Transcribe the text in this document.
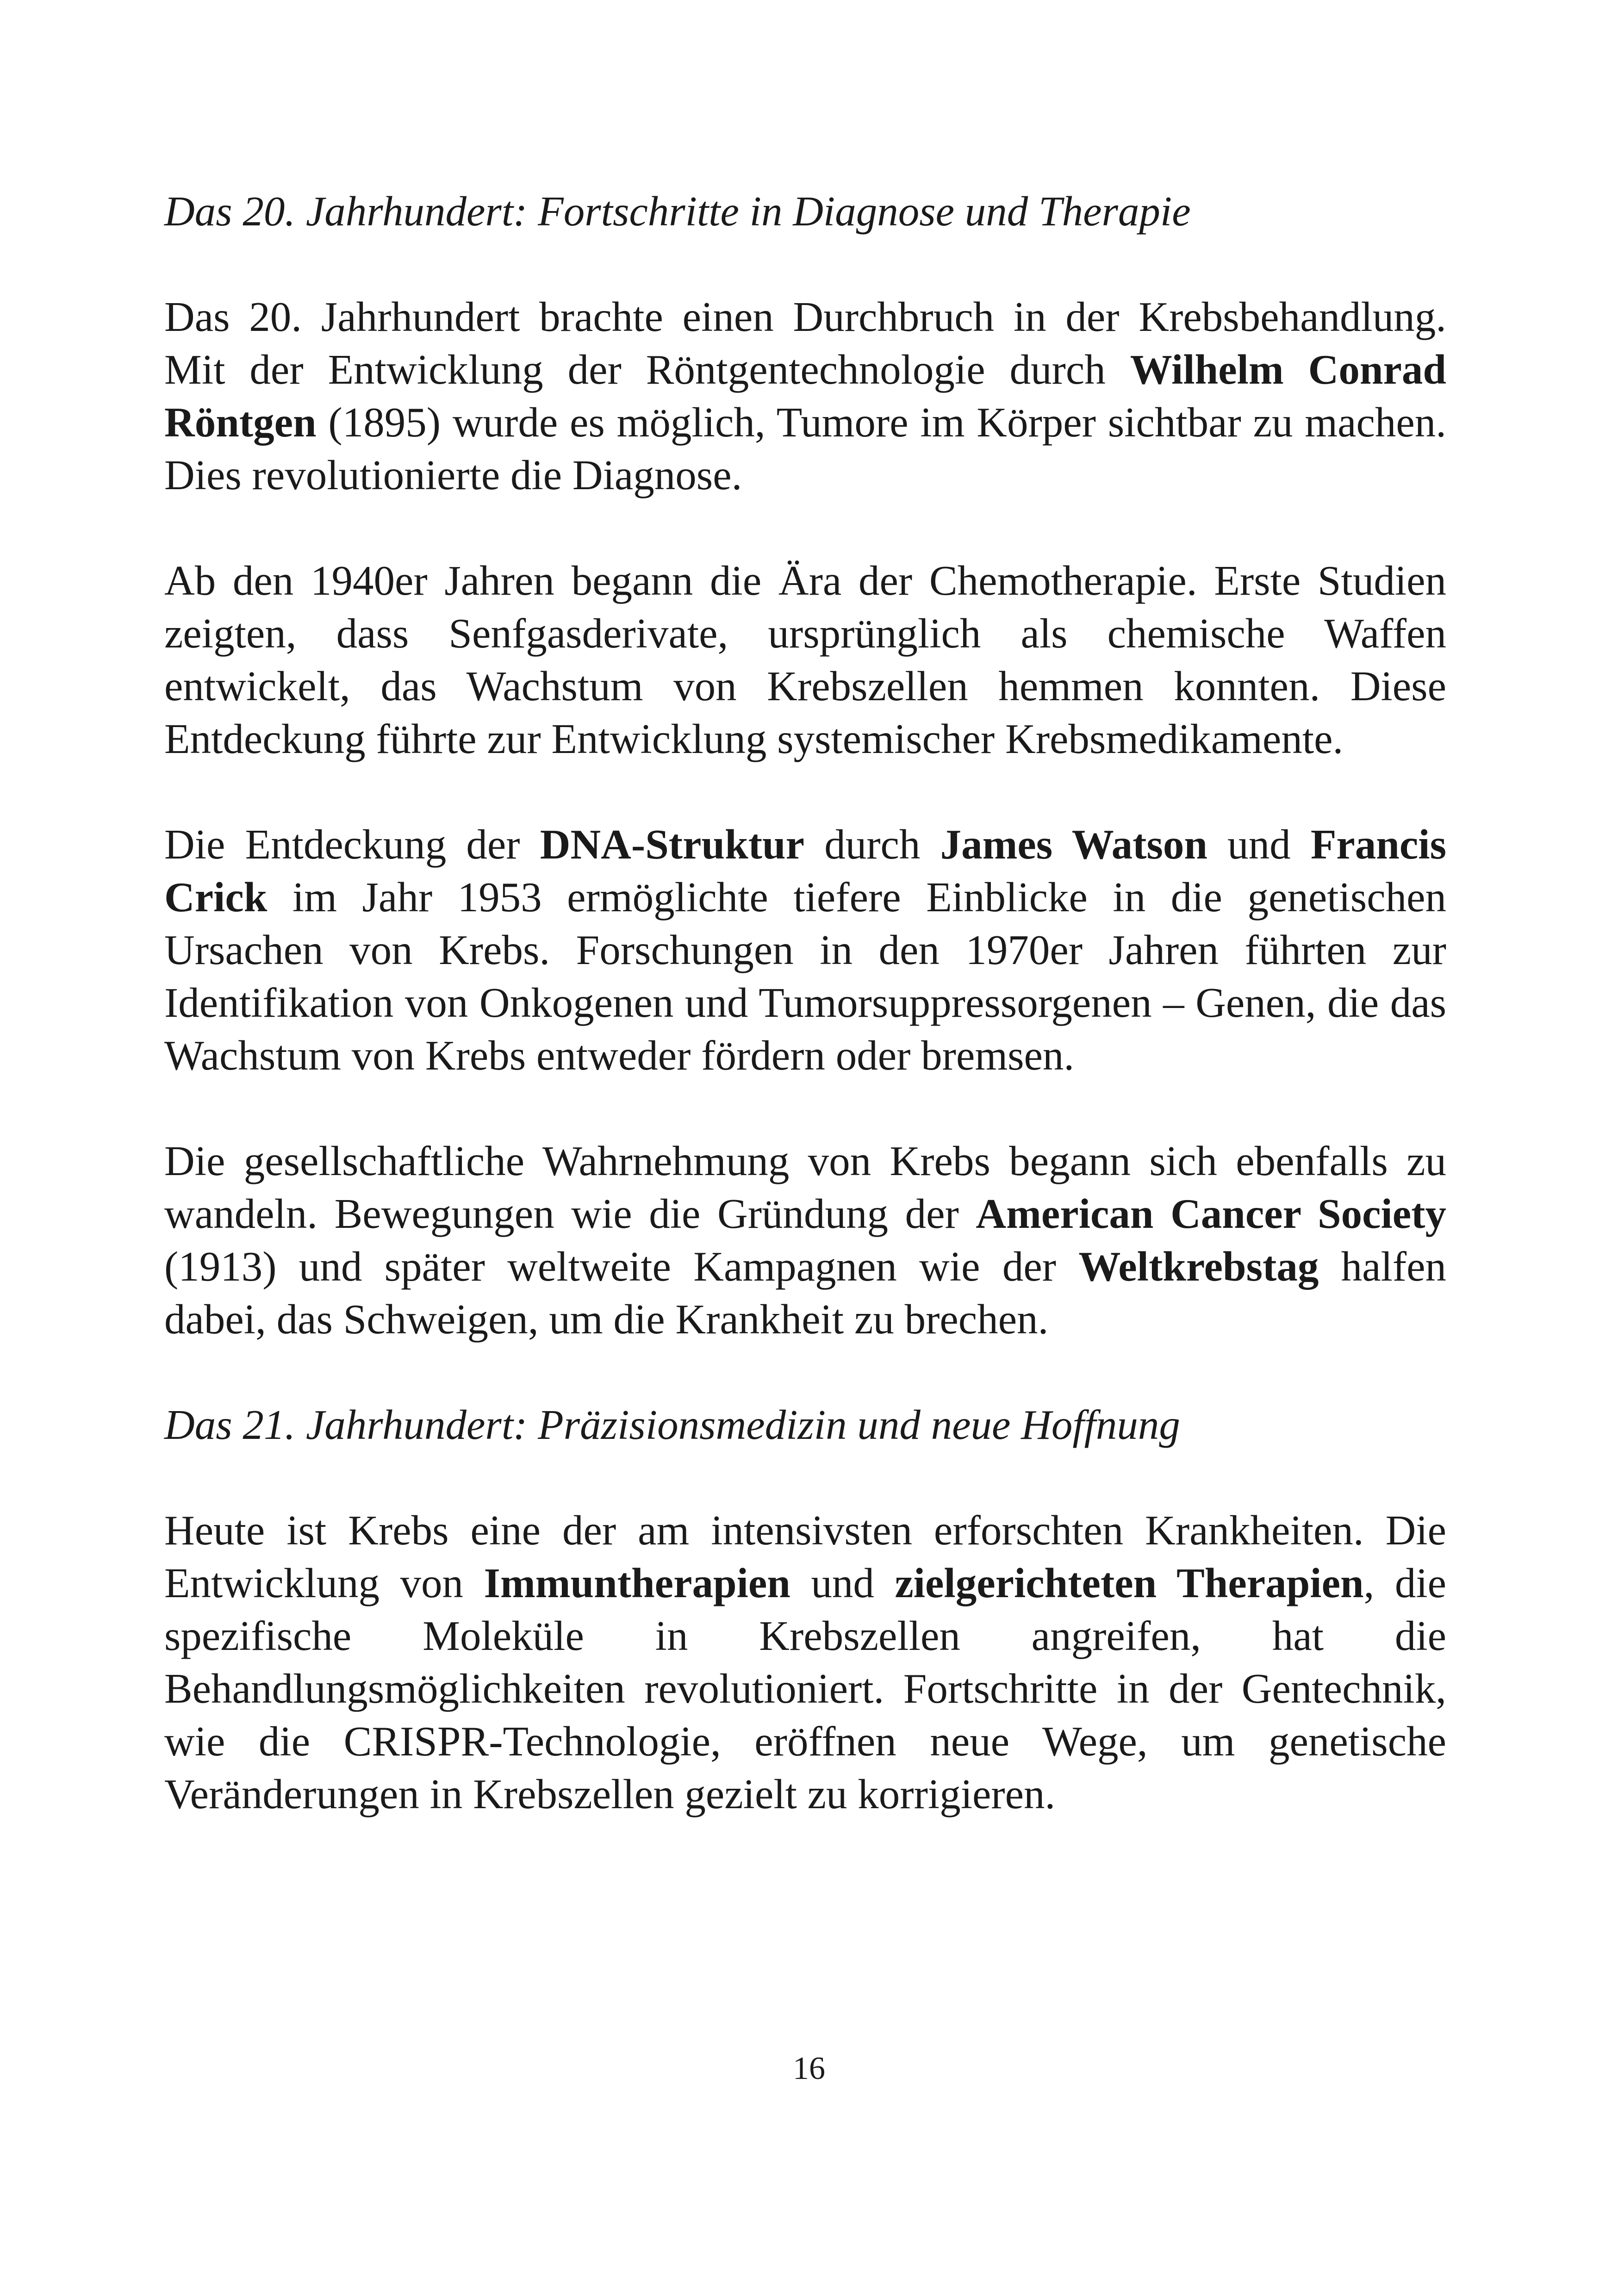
Das 20. Jahrhundert: Fortschritte in Diagnose und Therapie

Das 20. Jahrhundert brachte einen Durchbruch in der Krebsbehandlung. Mit der Entwicklung der Röntgentechnologie durch Wilhelm Conrad Röntgen (1895) wurde es möglich, Tumore im Körper sichtbar zu machen. Dies revolutionierte die Diagnose.

Ab den 1940er Jahren begann die Ära der Chemotherapie. Erste Studien zeigten, dass Senfgasderivate, ursprünglich als chemische Waffen entwickelt, das Wachstum von Krebszellen hemmen konnten. Diese Entdeckung führte zur Entwicklung systemischer Krebsmedikamente.

Die Entdeckung der DNA-Struktur durch James Watson und Francis Crick im Jahr 1953 ermöglichte tiefere Einblicke in die genetischen Ursachen von Krebs. Forschungen in den 1970er Jahren führten zur Identifikation von Onkogenen und Tumorsuppressorgenen – Genen, die das Wachstum von Krebs entweder fördern oder bremsen.

Die gesellschaftliche Wahrnehmung von Krebs begann sich ebenfalls zu wandeln. Bewegungen wie die Gründung der American Cancer Society (1913) und später weltweite Kampagnen wie der Weltkrebstag halfen dabei, das Schweigen, um die Krankheit zu brechen.

Das 21. Jahrhundert: Präzisionsmedizin und neue Hoffnung

Heute ist Krebs eine der am intensivsten erforschten Krankheiten. Die Entwicklung von Immuntherapien und zielgerichteten Therapien, die spezifische Moleküle in Krebszellen angreifen, hat die Behandlungsmöglichkeiten revolutioniert. Fortschritte in der Gentechnik, wie die CRISPR-Technologie, eröffnen neue Wege, um genetische Veränderungen in Krebszellen gezielt zu korrigieren.

16
